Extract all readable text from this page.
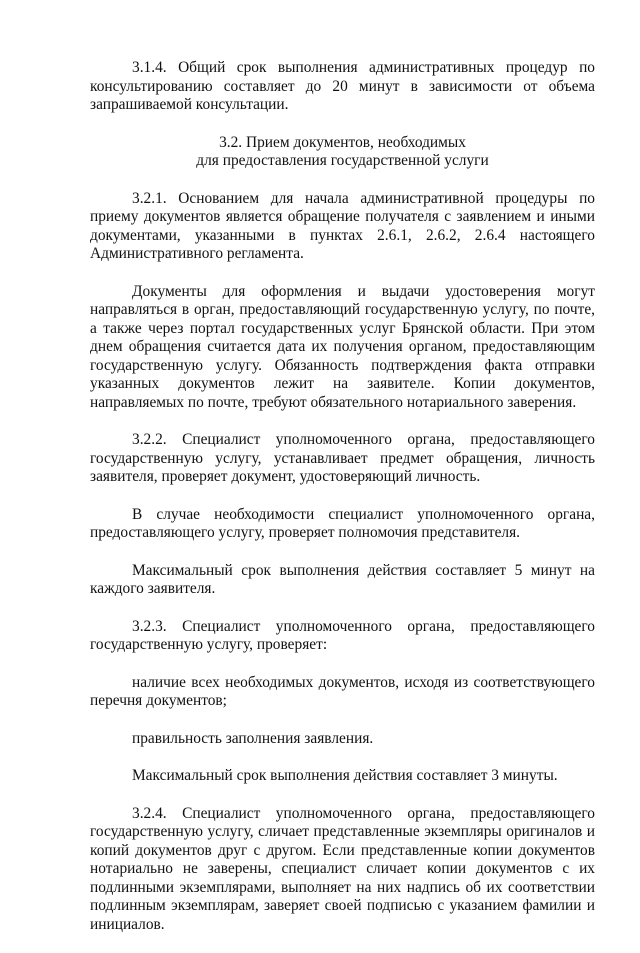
3.1.4. Общий срок выполнения административных процедур по консультированию составляет до 20 минут в зависимости от объема запрашиваемой консультации.

3.2. Прием документов, необходимых
для предоставления государственной услуги

3.2.1. Основанием для начала административной процедуры по приему документов является обращение получателя с заявлением и иными документами, указанными в пунктах 2.6.1, 2.6.2, 2.6.4 настоящего Административного регламента.

Документы для оформления и выдачи удостоверения могут направляться в орган, предоставляющий государственную услугу, по почте, а также через портал государственных услуг Брянской области. При этом днем обращения считается дата их получения органом, предоставляющим государственную услугу. Обязанность подтверждения факта отправки указанных документов лежит на заявителе. Копии документов, направляемых по почте, требуют обязательного нотариального заверения.

3.2.2. Специалист уполномоченного органа, предоставляющего государственную услугу, устанавливает предмет обращения, личность заявителя, проверяет документ, удостоверяющий личность.

В случае необходимости специалист уполномоченного органа, предоставляющего услугу, проверяет полномочия представителя.

Максимальный срок выполнения действия составляет 5 минут на каждого заявителя.

3.2.3. Специалист уполномоченного органа, предоставляющего государственную услугу, проверяет:

наличие всех необходимых документов, исходя из соответствующего перечня документов;

правильность заполнения заявления.

Максимальный срок выполнения действия составляет 3 минуты.

3.2.4. Специалист уполномоченного органа, предоставляющего государственную услугу, сличает представленные экземпляры оригиналов и копий документов друг с другом. Если представленные копии документов нотариально не заверены, специалист сличает копии документов с их подлинными экземплярами, выполняет на них надпись об их соответствии подлинным экземплярам, заверяет своей подписью с указанием фамилии и инициалов.
